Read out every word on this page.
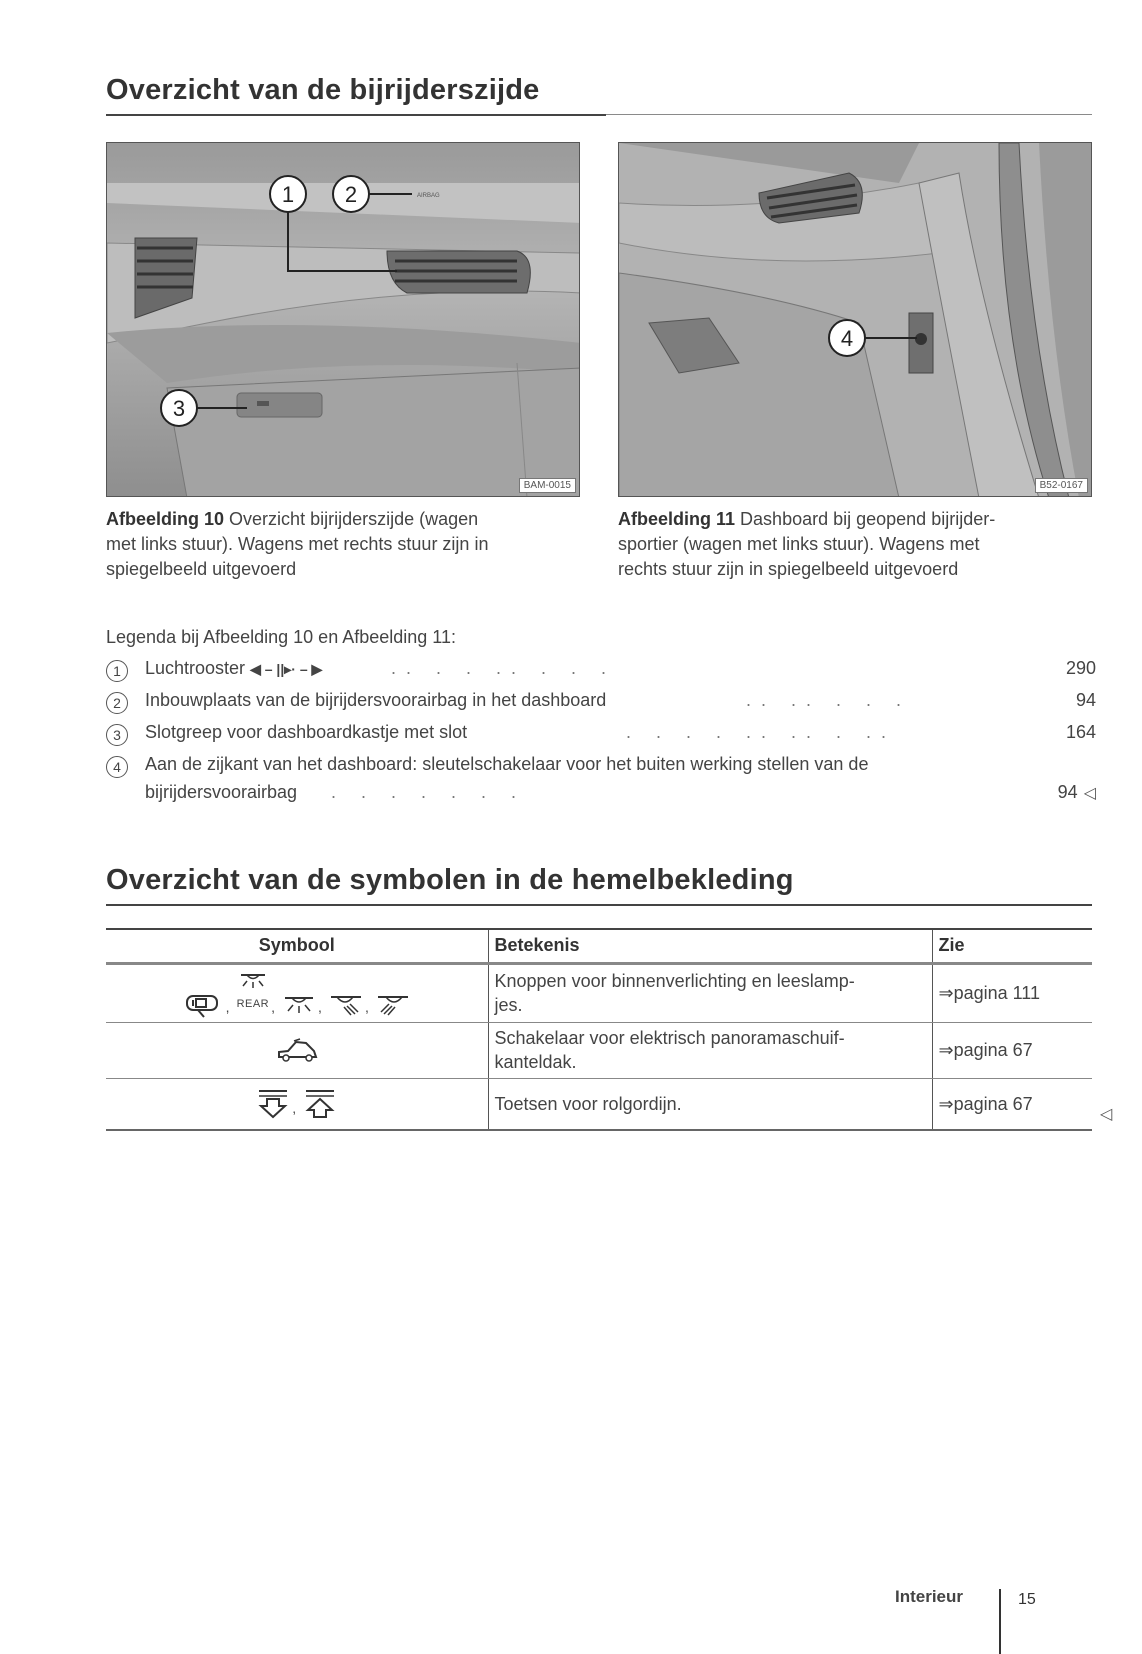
Overzicht van de bijrijderszijde
1 2
3
AIRBAG
BAM-0015
4
B52-0167
Afbeelding 10 Overzicht bijrijderszijde (wagen
met links stuur). Wagens met rechts stuur zijn in
spiegelbeeld uitgevoerd
Afbeelding 11 Dashboard bij geopend bijrijder-
sportier (wagen met links stuur). Wagens met
rechts stuur zijn in spiegelbeeld uitgevoerd
Legenda bij Afbeelding 10 en Afbeelding 11:
1	Luchtrooster ◀ – ||▸· – ▶	.. . . .. . . .	290
2	Inbouwplaats van de bijrijdersvoorairbag in het dashboard	.. .. . . .	94
3	Slotgreep voor dashboardkastje met slot	. . . . .. .. . ..	164
4	Aan de zijkant van het dashboard: sleutelschakelaar voor het buiten werking stellen van de
bijrijdersvoorairbag . . . . . . .	94 ◁
Overzicht van de symbolen in de hemelbekleding
Symbool	Betekenis	Zie
, REAR , , ,	Knoppen voor binnenverlichting en leeslamp-
jes.	⇒pagina 111
	Schakelaar voor elektrisch panoramaschuif-
kanteldak.	⇒pagina 67
,	Toetsen voor rolgordijn.	⇒pagina 67
◁
Interieur	15
